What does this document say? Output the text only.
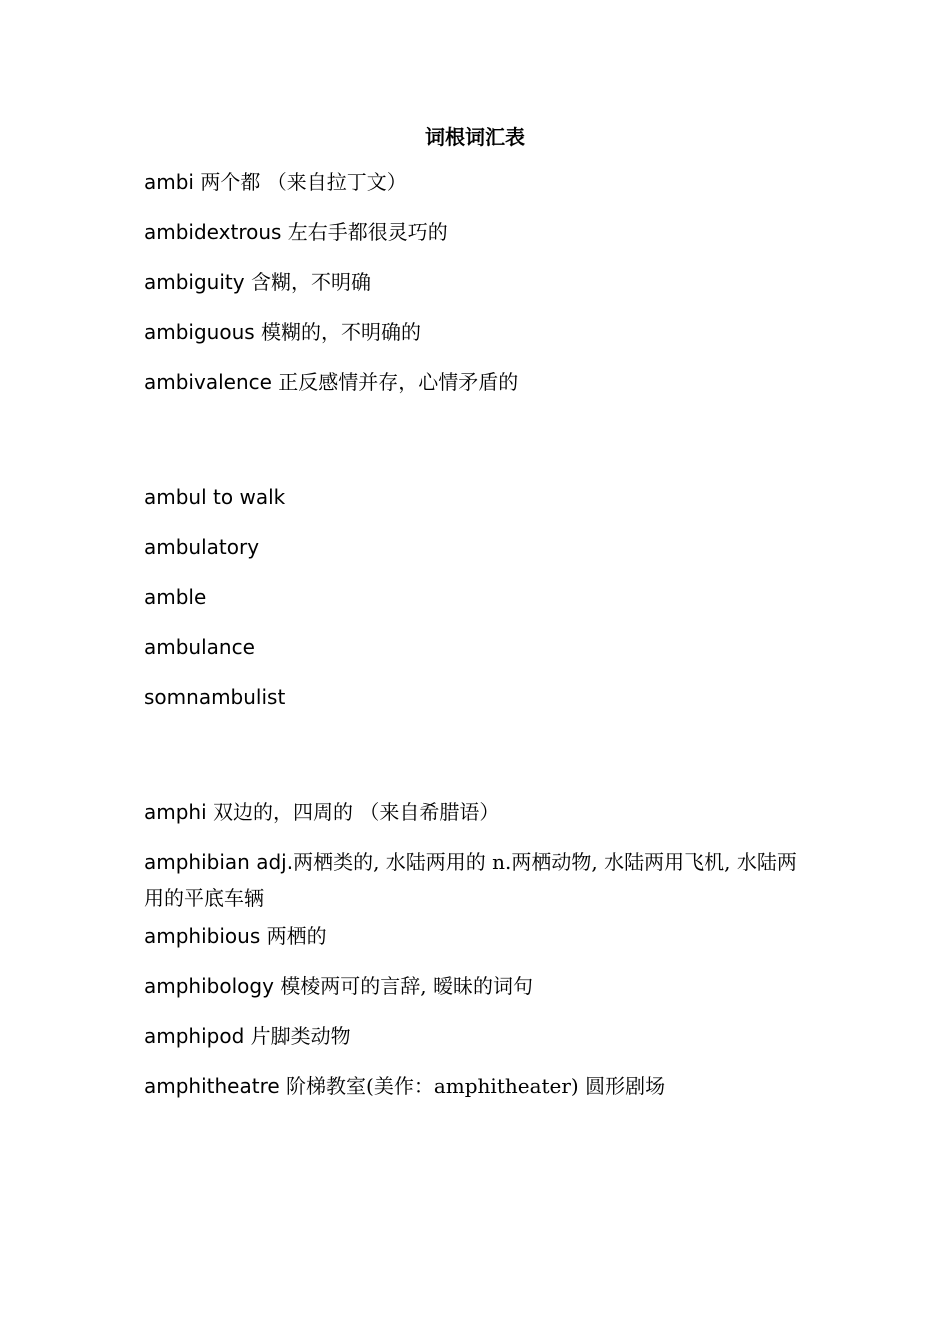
词根词汇表
ambi 两个都 （来自拉丁文）
ambidextrous 左右手都很灵巧的
ambiguity 含糊，不明确
ambiguous 模糊的，不明确的
ambivalence 正反感情并存，心情矛盾的
ambul to walk
ambulatory
amble
ambulance
somnambulist
amphi 双边的，四周的 （来自希腊语）
amphibian adj.两栖类的, 水陆两用的 n.两栖动物, 水陆两用飞机, 水陆两用的平底车辆
amphibious 两栖的
amphibology 模棱两可的言辞, 暧昧的词句
amphipod 片脚类动物
amphitheatre 阶梯教室(美作：amphitheater) 圆形剧场
